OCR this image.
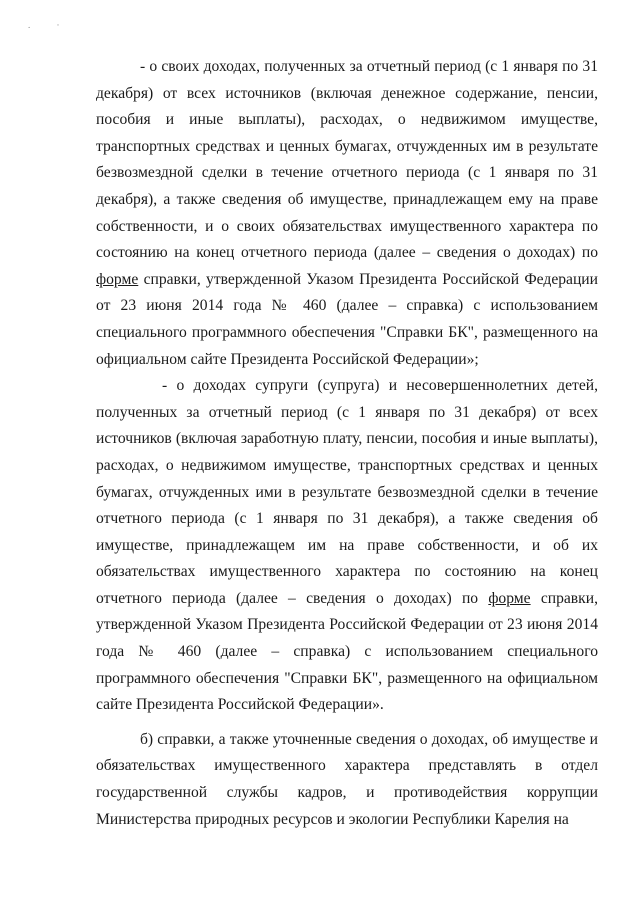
. ·

- о своих доходах, полученных за отчетный период (с 1 января по 31 декабря) от всех источников (включая денежное содержание, пенсии, пособия и иные выплаты), расходах, о недвижимом имуществе, транспортных средствах и ценных бумагах, отчужденных им в результате безвозмездной сделки в течение отчетного периода (с 1 января по 31 декабря), а также сведения об имуществе, принадлежащем ему на праве собственности, и о своих обязательствах имущественного характера по состоянию на конец отчетного периода (далее – сведения о доходах) по форме справки, утвержденной Указом Президента Российской Федерации от 23 июня 2014 года № 460 (далее – справка) с использованием специального программного обеспечения "Справки БК", размещенного на официальном сайте Президента Российской Федерации»;

- о доходах супруги (супруга) и несовершеннолетних детей, полученных за отчетный период (с 1 января по 31 декабря) от всех источников (включая заработную плату, пенсии, пособия и иные выплаты), расходах, о недвижимом имуществе, транспортных средствах и ценных бумагах, отчужденных ими в результате безвозмездной сделки в течение отчетного периода (с 1 января по 31 декабря), а также сведения об имуществе, принадлежащем им на праве собственности, и об их обязательствах имущественного характера по состоянию на конец отчетного периода (далее – сведения о доходах) по форме справки, утвержденной Указом Президента Российской Федерации от 23 июня 2014 года № 460 (далее – справка) с использованием специального программного обеспечения "Справки БК", размещенного на официальном сайте Президента Российской Федерации».

б) справки, а также уточненные сведения о доходах, об имуществе и обязательствах имущественного характера представлять в отдел государственной службы кадров, и противодействия коррупции Министерства природных ресурсов и экологии Республики Карелия на
